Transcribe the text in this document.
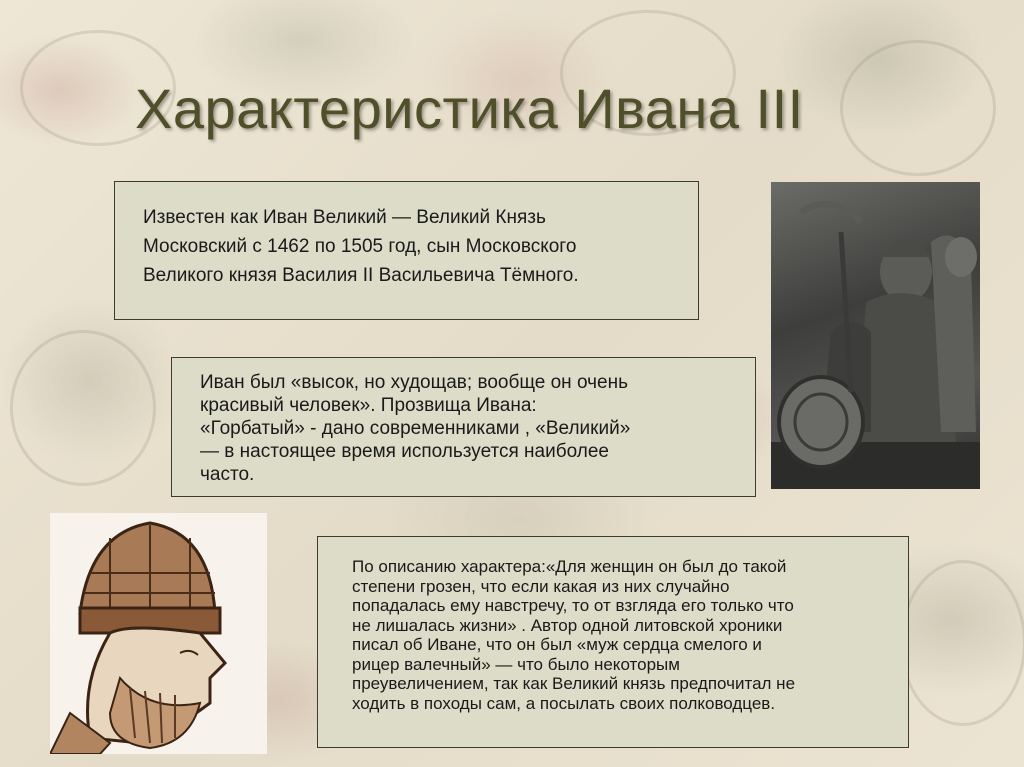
Характеристика Ивана III

Известен как Иван Великий — Великий Князь

Московский с 1462 по 1505 год, сын Московского

Великого князя Василия II Васильевича Тёмного.

Иван был «высок, но худощав; вообще он очень

красивый человек». Прозвища Ивана:

«Горбатый» - дано современниками , «Великий»

— в настоящее время используется наиболее

часто.

По описанию характера:«Для женщин он был до такой

степени грозен, что если какая из них случайно

попадалась ему навстречу, то от взгляда его только что

не лишалась жизни» . Автор одной литовской хроники

писал об Иване, что он был «муж сердца смелого и

рицер валечный» — что было некоторым

преувеличением, так как Великий князь предпочитал не

ходить в походы сам, а посылать своих полководцев.
